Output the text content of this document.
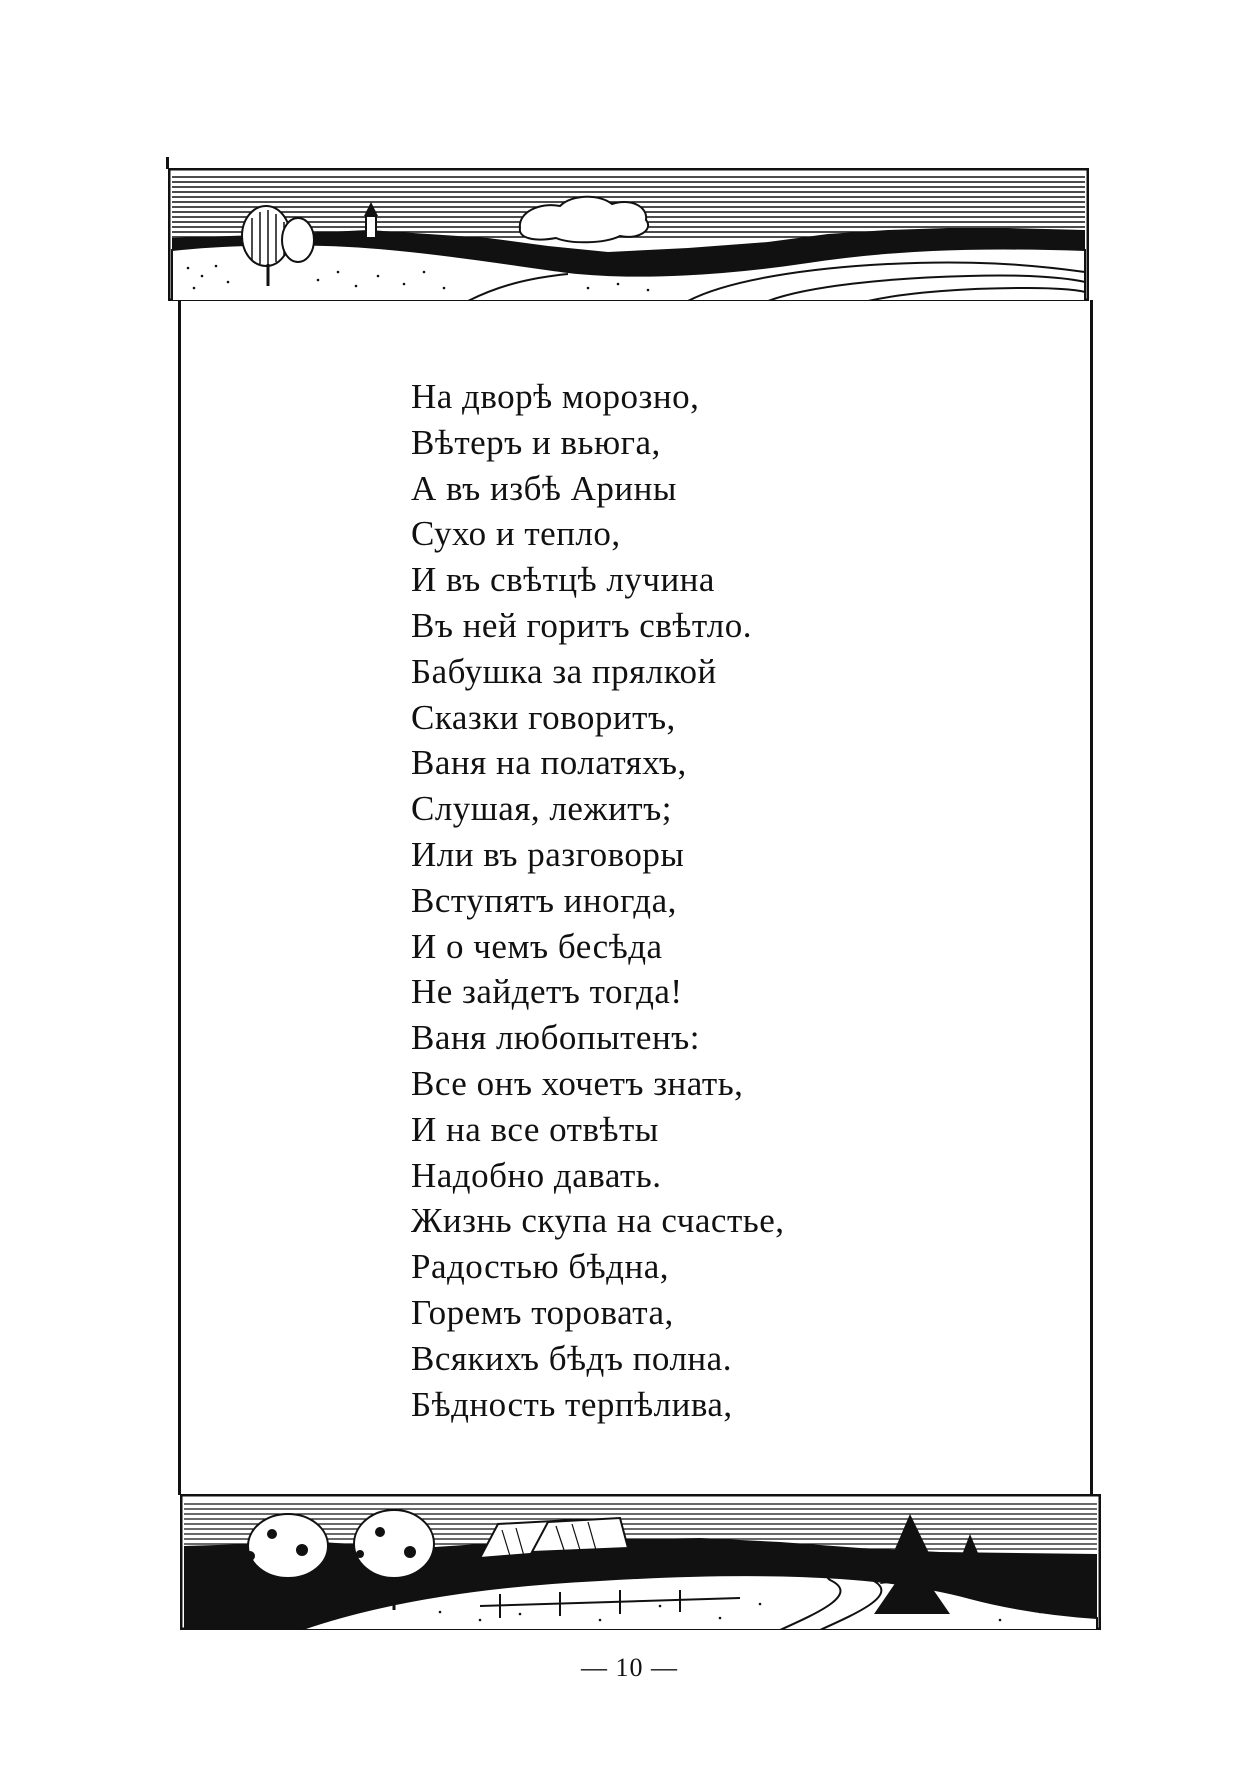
На дворѣ морозно,
Вѣтеръ и вьюга,
А въ избѣ Арины
Сухо и тепло,
И въ свѣтцѣ лучина
Въ ней горитъ свѣтло.
Бабушка за прялкой
Сказки говоритъ,
Ваня на полатяхъ,
Слушая, лежитъ;
Или въ разговоры
Вступятъ иногда,
И о чемъ бесѣда
Не зайдетъ тогда!
Ваня любопытенъ:
Все онъ хочетъ знать,
И на все отвѣты
Надобно давать.
Жизнь скупа на счастье,
Радостью бѣдна,
Горемъ торовата,
Всякихъ бѣдъ полна.
Бѣдность терпѣлива,
— 10 —
